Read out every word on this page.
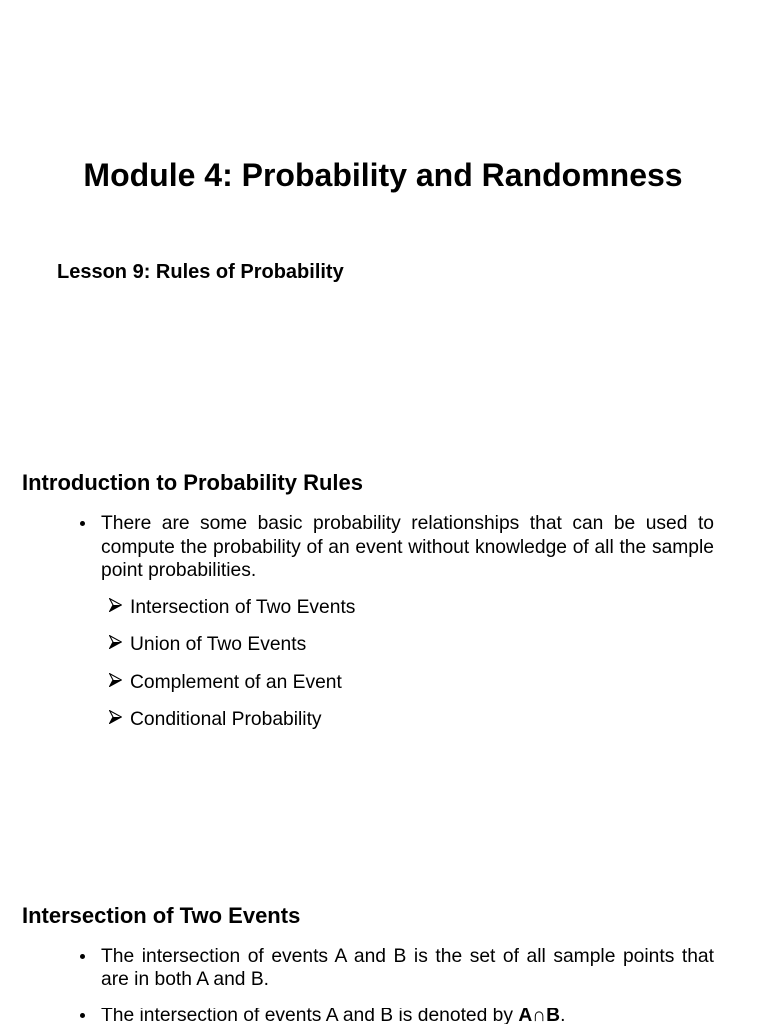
Module 4: Probability and Randomness
Lesson 9: Rules of Probability
Introduction to Probability Rules

There are some basic probability relationships that can be used to compute the probability of an event without knowledge of all the sample point probabilities.

Intersection of Two Events
Union of Two Events
Complement of an Event
Conditional Probability
Intersection of Two Events

The intersection of events A and B is the set of all sample points that are in both A and B.

The intersection of events A and B is denoted by A∩B.
